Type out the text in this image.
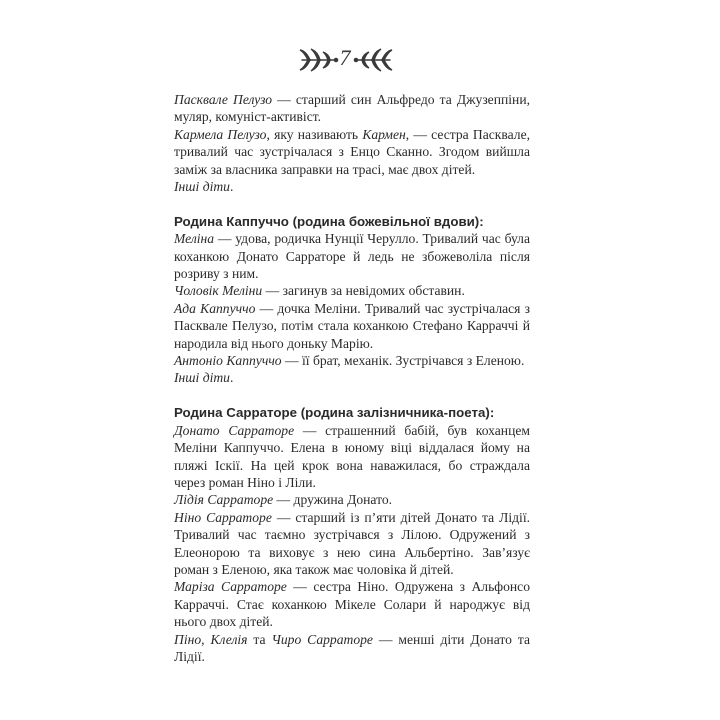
7

Пасквале Пелузо — старший син Альфредо та Джузеппіни, муляр, комуніст-активіст.

Кармела Пелузо, яку називають Кармен, — сестра Пасквале, тривалий час зустрічалася з Енцо Сканно. Згодом вийшла заміж за власника заправки на трасі, має двох дітей.

Інші діти.

Родина Каппуччо (родина божевільної вдови):

Меліна — удова, родичка Нунції Черулло. Тривалий час була коханкою Донато Сарраторе й ледь не збожеволіла після розриву з ним.

Чоловік Меліни — загинув за невідомих обставин.

Ада Каппуччо — дочка Меліни. Тривалий час зустрічалася з Пасквале Пелузо, потім стала коханкою Стефано Карраччі й народила від нього доньку Марію.

Антоніо Каппуччо — її брат, механік. Зустрічався з Еленою.

Інші діти.

Родина Сарраторе (родина залізничника-поета):

Донато Сарраторе — страшенний бабій, був коханцем Меліни Каппуччо. Елена в юному віці віддалася йому на пляжі Іскії. На цей крок вона наважилася, бо страждала через роман Ніно і Ліли.

Лідія Сарраторе — дружина Донато.

Ніно Сарраторе — старший із п’яти дітей Донато та Лідії. Тривалий час таємно зустрічався з Лілою. Одружений з Елеонорою та виховує з нею сина Альбертіно. Зав’язує роман з Еленою, яка також має чоловіка й дітей.

Маріза Сарраторе — сестра Ніно. Одружена з Альфонсо Карраччі. Стає коханкою Мікеле Солари й народжує від нього двох дітей.

Піно, Клелія та Чиро Сарраторе — менші діти Донато та Лідії.
